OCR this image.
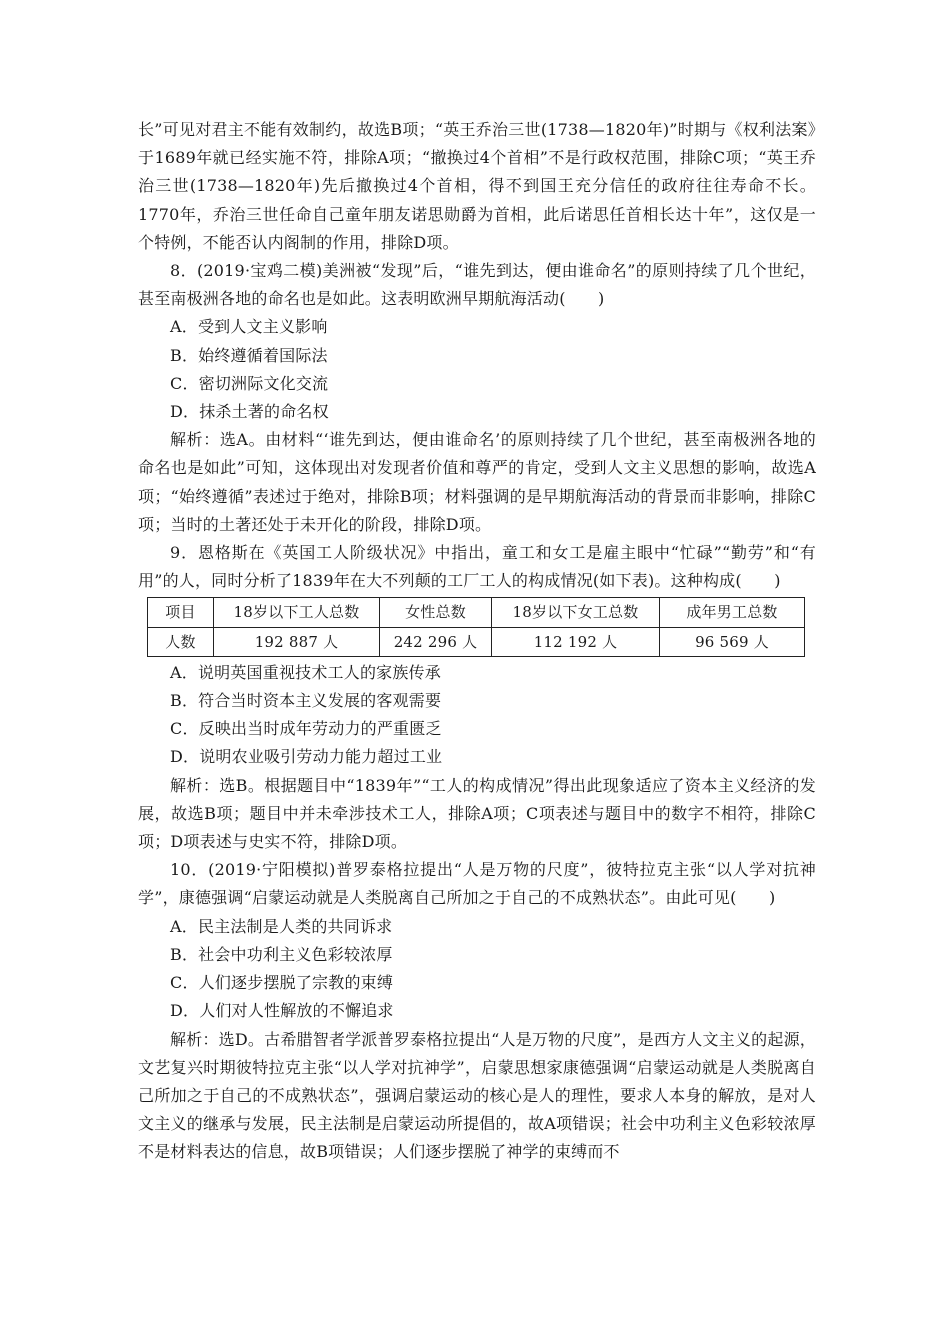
长”可见对君主不能有效制约，故选B项；“英王乔治三世(1738—1820年)”时期与《权利法案》于1689年就已经实施不符，排除A项；“撤换过4个首相”不是行政权范围，排除C项；“英王乔治三世(1738—1820年)先后撤换过4个首相，得不到国王充分信任的政府往往寿命不长。1770年，乔治三世任命自己童年朋友诺思勋爵为首相，此后诺思任首相长达十年”，这仅是一个特例，不能否认内阁制的作用，排除D项。

8．(2019·宝鸡二模)美洲被“发现”后，“谁先到达，便由谁命名”的原则持续了几个世纪，甚至南极洲各地的命名也是如此。这表明欧洲早期航海活动(　　)

A．受到人文主义影响

B．始终遵循着国际法

C．密切洲际文化交流

D．抹杀土著的命名权

解析：选A。由材料“‘谁先到达，便由谁命名’的原则持续了几个世纪，甚至南极洲各地的命名也是如此”可知，这体现出对发现者价值和尊严的肯定，受到人文主义思想的影响，故选A项；“始终遵循”表述过于绝对，排除B项；材料强调的是早期航海活动的背景而非影响，排除C项；当时的土著还处于未开化的阶段，排除D项。

9．恩格斯在《英国工人阶级状况》中指出，童工和女工是雇主眼中“忙碌”“勤劳”和“有用”的人，同时分析了1839年在大不列颠的工厂工人的构成情况(如下表)。这种构成(　　)

项目	18岁以下工人总数	女性总数	18岁以下女工总数	成年男工总数
人数	192 887 人	242 296 人	112 192 人	96 569 人

A．说明英国重视技术工人的家族传承

B．符合当时资本主义发展的客观需要

C．反映出当时成年劳动力的严重匮乏

D．说明农业吸引劳动力能力超过工业

解析：选B。根据题目中“1839年”“工人的构成情况”得出此现象适应了资本主义经济的发展，故选B项；题目中并未牵涉技术工人，排除A项；C项表述与题目中的数字不相符，排除C项；D项表述与史实不符，排除D项。

10．(2019·宁阳模拟)普罗泰格拉提出“人是万物的尺度”，彼特拉克主张“以人学对抗神学”，康德强调“启蒙运动就是人类脱离自己所加之于自己的不成熟状态”。由此可见(　　)

A．民主法制是人类的共同诉求

B．社会中功利主义色彩较浓厚

C．人们逐步摆脱了宗教的束缚

D．人们对人性解放的不懈追求

解析：选D。古希腊智者学派普罗泰格拉提出“人是万物的尺度”，是西方人文主义的起源，文艺复兴时期彼特拉克主张“以人学对抗神学”，启蒙思想家康德强调“启蒙运动就是人类脱离自己所加之于自己的不成熟状态”，强调启蒙运动的核心是人的理性，要求人本身的解放，是对人文主义的继承与发展，民主法制是启蒙运动所提倡的，故A项错误；社会中功利主义色彩较浓厚不是材料表达的信息，故B项错误；人们逐步摆脱了神学的束缚而不
